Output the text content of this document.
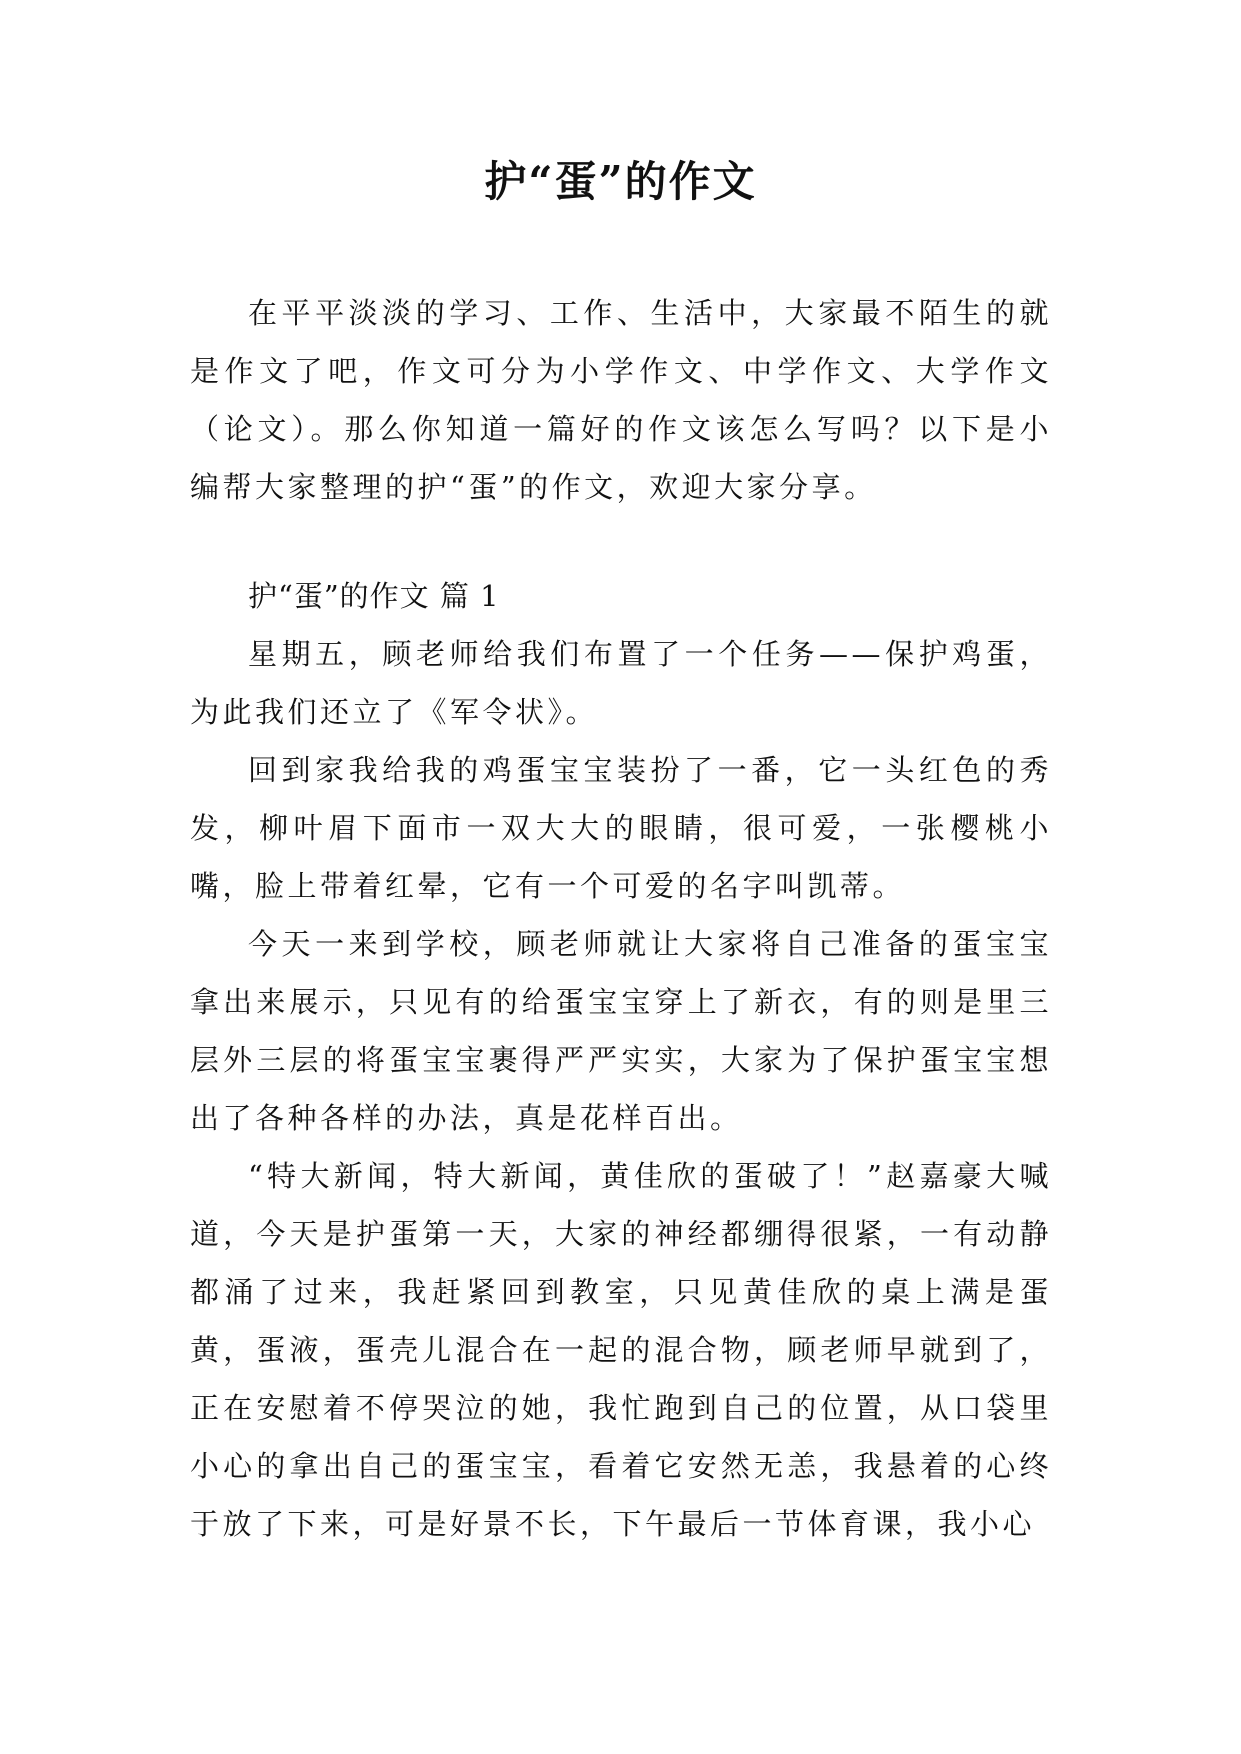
护“蛋”的作文

在平平淡淡的学习、工作、生活中，大家最不陌生的就是作文了吧，作文可分为小学作文、中学作文、大学作文（论文）。那么你知道一篇好的作文该怎么写吗？以下是小编帮大家整理的护“蛋”的作文，欢迎大家分享。

护“蛋”的作文 篇 1

星期五，顾老师给我们布置了一个任务——保护鸡蛋，为此我们还立了《军令状》。

回到家我给我的鸡蛋宝宝装扮了一番，它一头红色的秀发，柳叶眉下面市一双大大的眼睛，很可爱，一张樱桃小嘴，脸上带着红晕，它有一个可爱的名字叫凯蒂。

今天一来到学校，顾老师就让大家将自己准备的蛋宝宝拿出来展示，只见有的给蛋宝宝穿上了新衣，有的则是里三层外三层的将蛋宝宝裹得严严实实，大家为了保护蛋宝宝想出了各种各样的办法，真是花样百出。

“特大新闻，特大新闻，黄佳欣的蛋破了！”赵嘉豪大喊道，今天是护蛋第一天，大家的神经都绷得很紧，一有动静都涌了过来，我赶紧回到教室，只见黄佳欣的桌上满是蛋黄，蛋液，蛋壳儿混合在一起的混合物，顾老师早就到了，正在安慰着不停哭泣的她，我忙跑到自己的位置，从口袋里小心的拿出自己的蛋宝宝，看着它安然无恙，我悬着的心终于放了下来，可是好景不长，下午最后一节体育课，我小心
